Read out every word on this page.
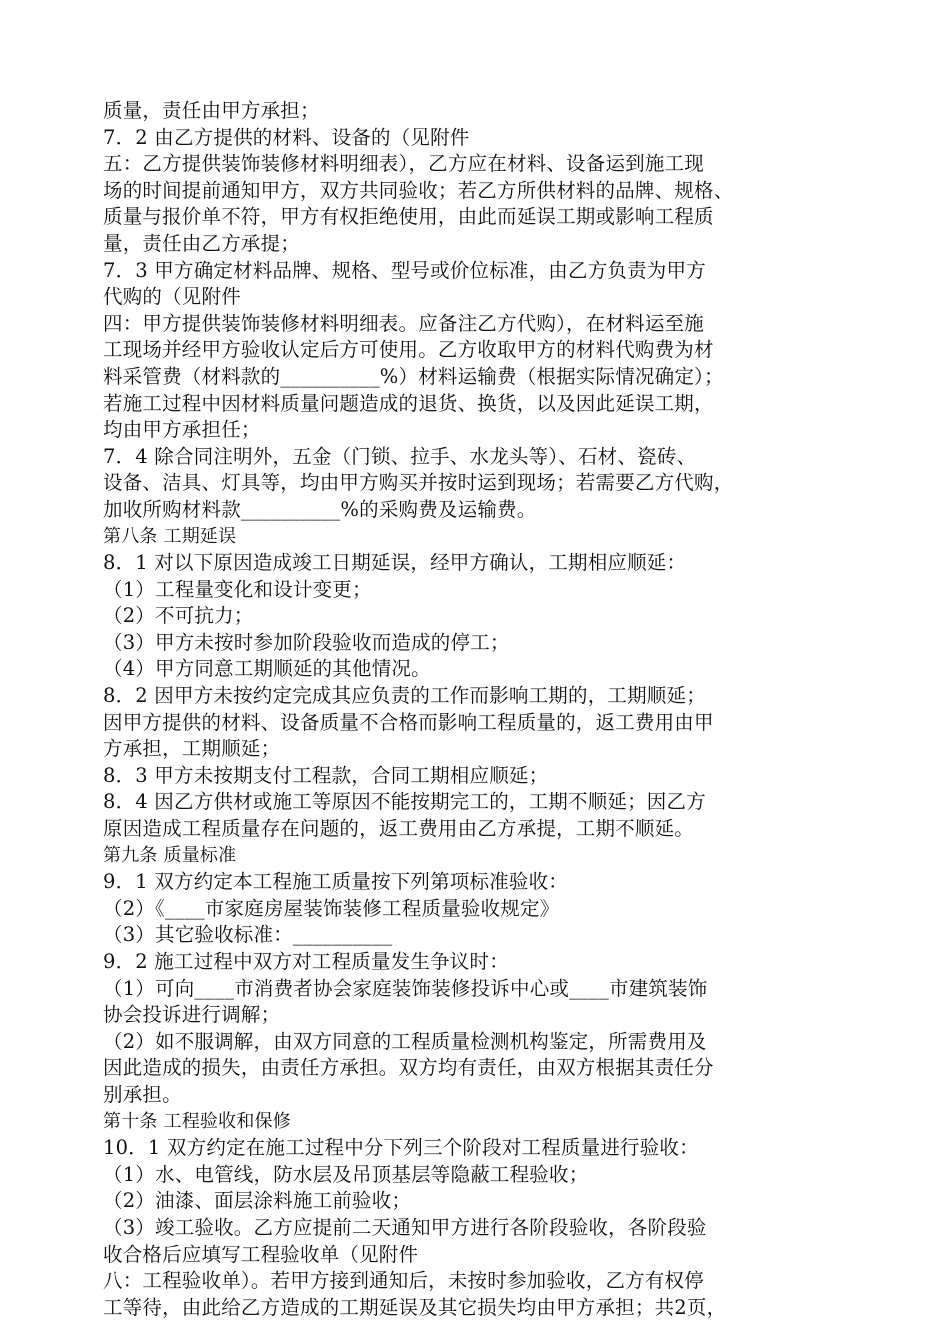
质量，责任由甲方承担；
7．2 由乙方提供的材料、设备的（见附件
五：乙方提供装饰装修材料明细表），乙方应在材料、设备运到施工现
场的时间提前通知甲方，双方共同验收；若乙方所供材料的品牌、规格、
质量与报价单不符，甲方有权拒绝使用，由此而延误工期或影响工程质
量，责任由乙方承提；
7．3 甲方确定材料品牌、规格、型号或价位标准，由乙方负责为甲方
代购的（见附件
四：甲方提供装饰装修材料明细表。应备注乙方代购），在材料运至施
工现场并经甲方验收认定后方可使用。乙方收取甲方的材料代购费为材
料采管费（材料款的__________%）材料运输费（根据实际情况确定）；
若施工过程中因材料质量问题造成的退货、换货，以及因此延误工期，
均由甲方承担任；
7．4 除合同注明外，五金（门锁、拉手、水龙头等）、石材、瓷砖、
设备、洁具、灯具等，均由甲方购买并按时运到现场；若需要乙方代购，
加收所购材料款__________%的采购费及运输费。
第八条 工期延误
8．1 对以下原因造成竣工日期延误，经甲方确认，工期相应顺延：
（1）工程量变化和设计变更；
（2）不可抗力；
（3）甲方未按时参加阶段验收而造成的停工；
（4）甲方同意工期顺延的其他情况。
8．2 因甲方未按约定完成其应负责的工作而影响工期的，工期顺延；
因甲方提供的材料、设备质量不合格而影响工程质量的，返工费用由甲
方承担，工期顺延；
8．3 甲方未按期支付工程款，合同工期相应顺延；
8．4 因乙方供材或施工等原因不能按期完工的，工期不顺延；因乙方
原因造成工程质量存在问题的，返工费用由乙方承提，工期不顺延。
第九条 质量标准
9．1 双方约定本工程施工质量按下列第项标准验收：
（2）《____市家庭房屋装饰装修工程质量验收规定》
（3）其它验收标准：__________
9．2 施工过程中双方对工程质量发生争议时：
（1）可向____市消费者协会家庭装饰装修投诉中心或____市建筑装饰
协会投诉进行调解；
（2）如不服调解，由双方同意的工程质量检测机构鉴定，所需费用及
因此造成的损失，由责任方承担。双方均有责任，由双方根据其责任分
别承担。
第十条 工程验收和保修
10．1 双方约定在施工过程中分下列三个阶段对工程质量进行验收：
（1）水、电管线，防水层及吊顶基层等隐蔽工程验收；
（2）油漆、面层涂料施工前验收；
（3）竣工验收。乙方应提前二天通知甲方进行各阶段验收，各阶段验
收合格后应填写工程验收单（见附件
八：工程验收单）。若甲方接到通知后，未按时参加验收，乙方有权停
工等待，由此给乙方造成的工期延误及其它损失均由甲方承担；共2页，
